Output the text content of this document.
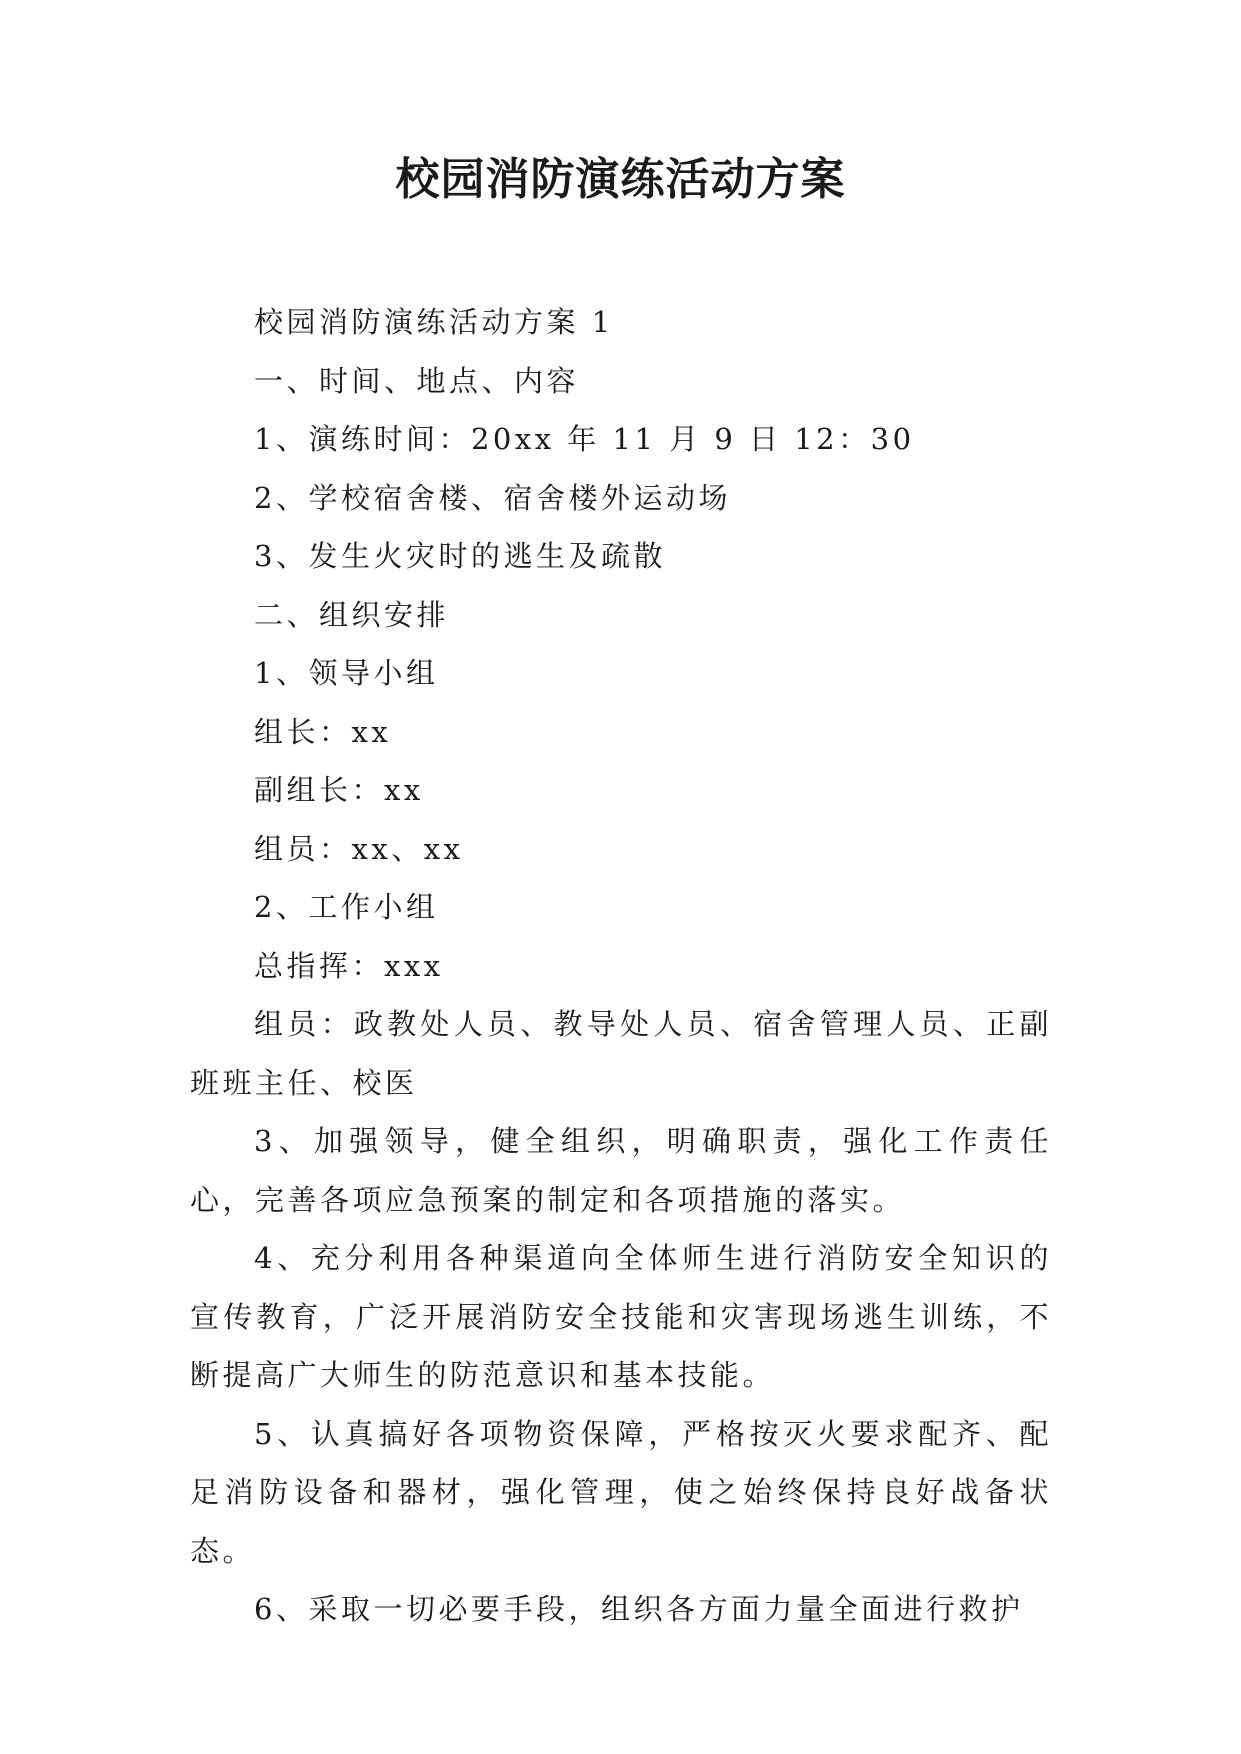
校园消防演练活动方案

校园消防演练活动方案 1

一、时间、地点、内容

1、演练时间：20xx 年 11 月 9 日 12：30

2、学校宿舍楼、宿舍楼外运动场

3、发生火灾时的逃生及疏散

二、组织安排

1、领导小组

组长：xx

副组长：xx

组员：xx、xx

2、工作小组

总指挥：xxx

组员：政教处人员、教导处人员、宿舍管理人员、正副班班主任、校医

3、加强领导，健全组织，明确职责，强化工作责任心，完善各项应急预案的制定和各项措施的落实。

4、充分利用各种渠道向全体师生进行消防安全知识的宣传教育，广泛开展消防安全技能和灾害现场逃生训练，不断提高广大师生的防范意识和基本技能。

5、认真搞好各项物资保障，严格按灭火要求配齐、配足消防设备和器材，强化管理，使之始终保持良好战备状态。

6、采取一切必要手段，组织各方面力量全面进行救护
